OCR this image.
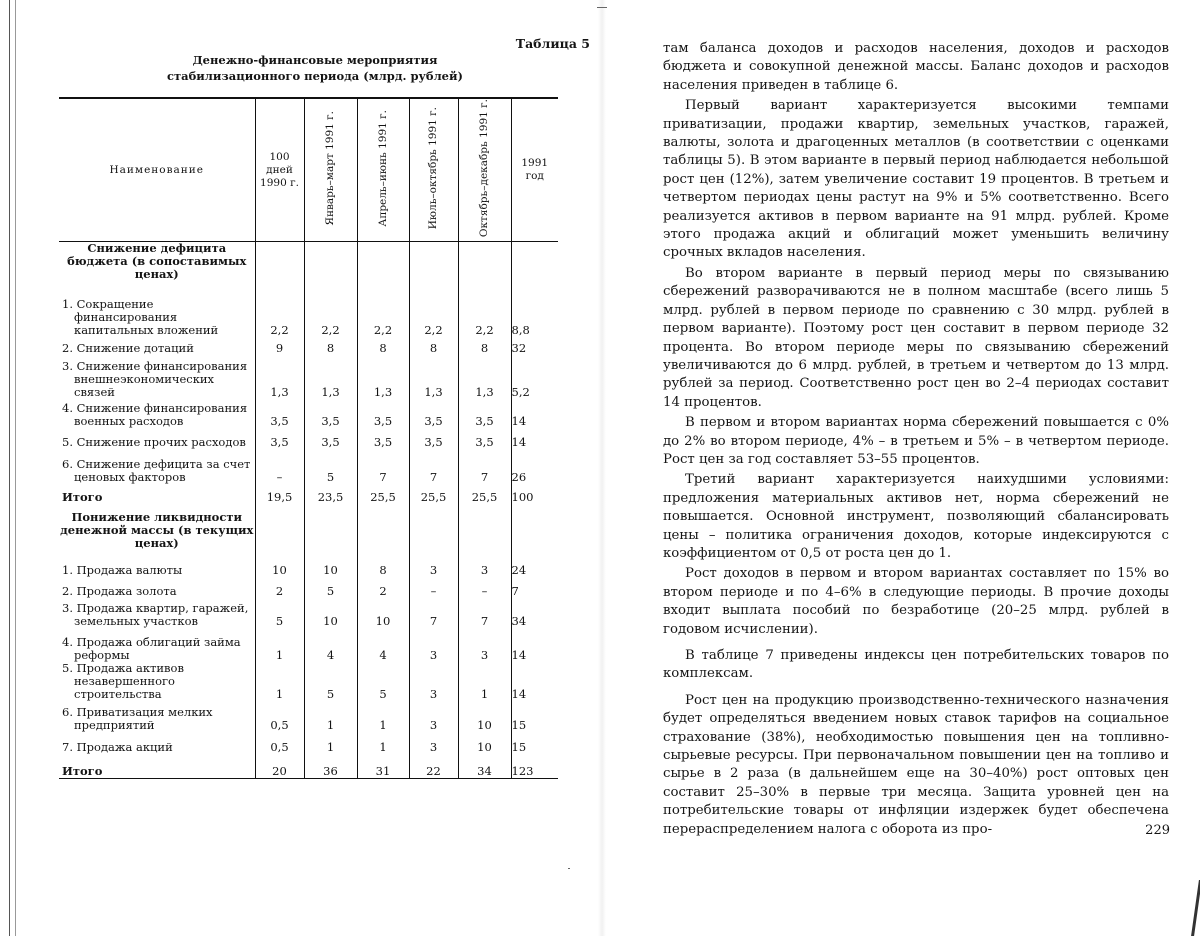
Таблица 5

Денежно-финансовые мероприятия
стабилизационного периода (млрд. рублей)
Наименование	100 дней 1990 г.	Январь–март 1991 г.	Апрель–июнь 1991 г.	Июль–октябрь 1991 г.	Октябрь–декабрь 1991 г.	1991 год
Снижение дефицита бюджета (в сопоставимых ценах)						

1. Сокращение финансирования капитальных вложений	2,2	2,2	2,2	2,2	2,2	8,8

2. Снижение дотаций	9	8	8	8	8	32

3. Снижение финансирования внешнеэкономических связей	1,3	1,3	1,3	1,3	1,3	5,2

4. Снижение финансирования военных расходов	3,5	3,5	3,5	3,5	3,5	14

5. Снижение прочих расходов	3,5	3,5	3,5	3,5	3,5	14

6. Снижение дефицита за счет ценовых факторов	–	5	7	7	7	26
Итого	19,5	23,5	25,5	25,5	25,5	100
Понижение ликвидности денежной массы (в текущих ценах)						

1. Продажа валюты	10	10	8	3	3	24

2. Продажа золота	2	5	2	–	–	7

3. Продажа квартир, гаражей, земельных участков	5	10	10	7	7	34

4. Продажа облигаций займа реформы	1	4	4	3	3	14

5. Продажа активов незавершенного строительства	1	5	5	3	1	14

6. Приватизация мелких предприятий	0,5	1	1	3	10	15

7. Продажа акций	0,5	1	1	3	10	15
Итого	20	36	31	22	34	123

там баланса доходов и расходов населения, доходов и расходов бюджета и совокупной денежной массы. Баланс доходов и расходов населения приведен в таблице 6.

Первый вариант характеризуется высокими темпами приватизации, продажи квартир, земельных участков, гаражей, валюты, золота и драгоценных металлов (в соответствии с оценками таблицы 5). В этом варианте в первый период наблюдается небольшой рост цен (12%), затем увеличение составит 19 процентов. В третьем и четвертом периодах цены растут на 9% и 5% соответственно. Всего реализуется активов в первом варианте на 91 млрд. рублей. Кроме этого продажа акций и облигаций может уменьшить величину срочных вкладов населения.

Во втором варианте в первый период меры по связыванию сбережений разворачиваются не в полном масштабе (всего лишь 5 млрд. рублей в первом периоде по сравнению с 30 млрд. рублей в первом варианте). Поэтому рост цен составит в первом периоде 32 процента. Во втором периоде меры по связыванию сбережений увеличиваются до 6 млрд. рублей, в третьем и четвертом до 13 млрд. рублей за период. Соответственно рост цен во 2–4 периодах составит 14 процентов.

В первом и втором вариантах норма сбережений повышается с 0% до 2% во втором периоде, 4% – в третьем и 5% – в четвертом периоде. Рост цен за год составляет 53–55 процентов.

Третий вариант характеризуется наихудшими условиями: предложения материальных активов нет, норма сбережений не повышается. Основной инструмент, позволяющий сбалансировать цены – политика ограничения доходов, которые индексируются с коэффициентом от 0,5 от роста цен до 1.

Рост доходов в первом и втором вариантах составляет по 15% во втором периоде и по 4–6% в следующие периоды. В прочие доходы входит выплата пособий по безработице (20–25 млрд. рублей в годовом исчислении).

В таблице 7 приведены индексы цен потребительских товаров по комплексам.

Рост цен на продукцию производственно-технического назначения будет определяться введением новых ставок тарифов на социальное страхование (38%), необходимостью повышения цен на топливно-сырьевые ресурсы. При первоначальном повышении цен на топливо и сырье в 2 раза (в дальнейшем еще на 30–40%) рост оптовых цен составит 25–30% в первые три месяца. Защита уровней цен на потребительские товары от инфляции издержек будет обеспечена перераспределением налога с оборота из про-	229
